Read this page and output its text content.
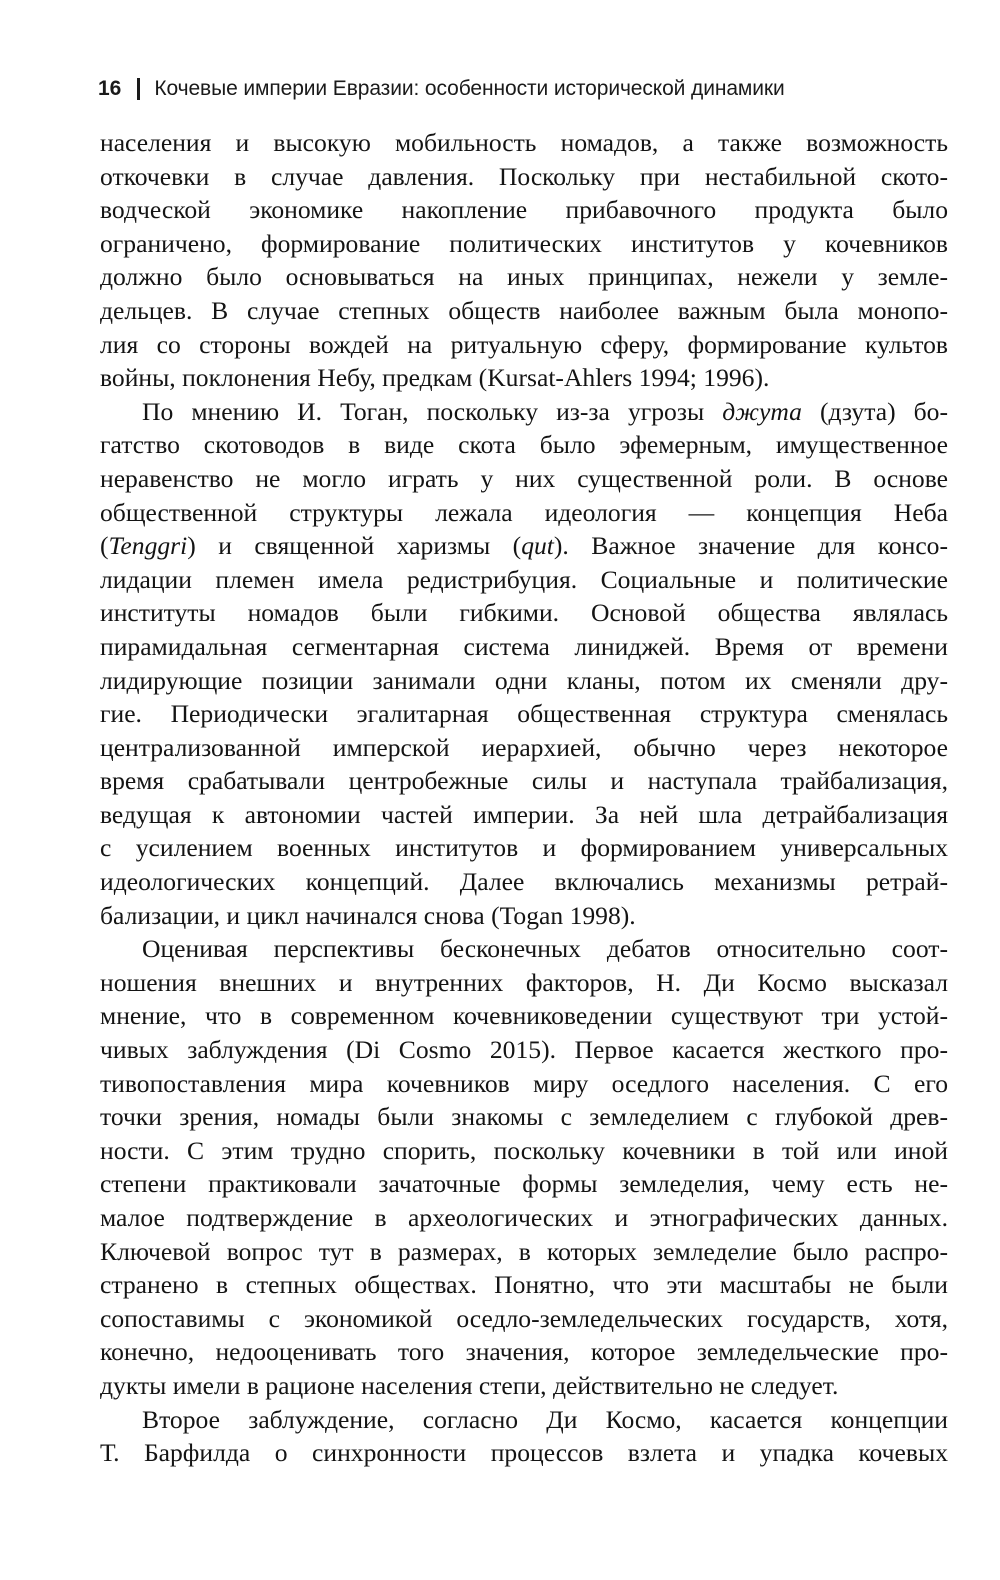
16 Кочевые империи Евразии: особенности исторической динамики
населения и высокую мобильность номадов, а также возможность
откочевки в случае давления. Поскольку при нестабильной ското-
водческой экономике накопление прибавочного продукта было
ограничено, формирование политических институтов у кочевников
должно было основываться на иных принципах, нежели у земле-
дельцев. В случае степных обществ наиболее важным была монопо-
лия со стороны вождей на ритуальную сферу, формирование культов
войны, поклонения Небу, предкам (Kursat-Ahlers 1994; 1996).
По мнению И. Тоган, поскольку из-за угрозы джута (дзута) бо-
гатство скотоводов в виде скота было эфемерным, имущественное
неравенство не могло играть у них существенной роли. В основе
общественной структуры лежала идеология — концепция Неба
(Tenggri) и священной харизмы (qut). Важное значение для консо-
лидации племен имела редистрибуция. Социальные и политические
институты номадов были гибкими. Основой общества являлась
пирамидальная сегментарная система линиджей. Время от времени
лидирующие позиции занимали одни кланы, потом их сменяли дру-
гие. Периодически эгалитарная общественная структура сменялась
централизованной имперской иерархией, обычно через некоторое
время срабатывали центробежные силы и наступала трайбализация,
ведущая к автономии частей империи. За ней шла детрайбализация
с усилением военных институтов и формированием универсальных
идеологических концепций. Далее включались механизмы ретрай-
бализации, и цикл начинался снова (Togan 1998).
Оценивая перспективы бесконечных дебатов относительно соот-
ношения внешних и внутренних факторов, Н. Ди Космо высказал
мнение, что в современном кочевниковедении существуют три устой-
чивых заблуждения (Di Cosmo 2015). Первое касается жесткого про-
тивопоставления мира кочевников миру оседлого населения. С его
точки зрения, номады были знакомы с земледелием с глубокой древ-
ности. С этим трудно спорить, поскольку кочевники в той или иной
степени практиковали зачаточные формы земледелия, чему есть не-
малое подтверждение в археологических и этнографических данных.
Ключевой вопрос тут в размерах, в которых земледелие было распро-
странено в степных обществах. Понятно, что эти масштабы не были
сопоставимы с экономикой оседло-земледельческих государств, хотя,
конечно, недооценивать того значения, которое земледельческие про-
дукты имели в рационе населения степи, действительно не следует.
Второе заблуждение, согласно Ди Космо, касается концепции
Т. Барфилда о синхронности процессов взлета и упадка кочевых
